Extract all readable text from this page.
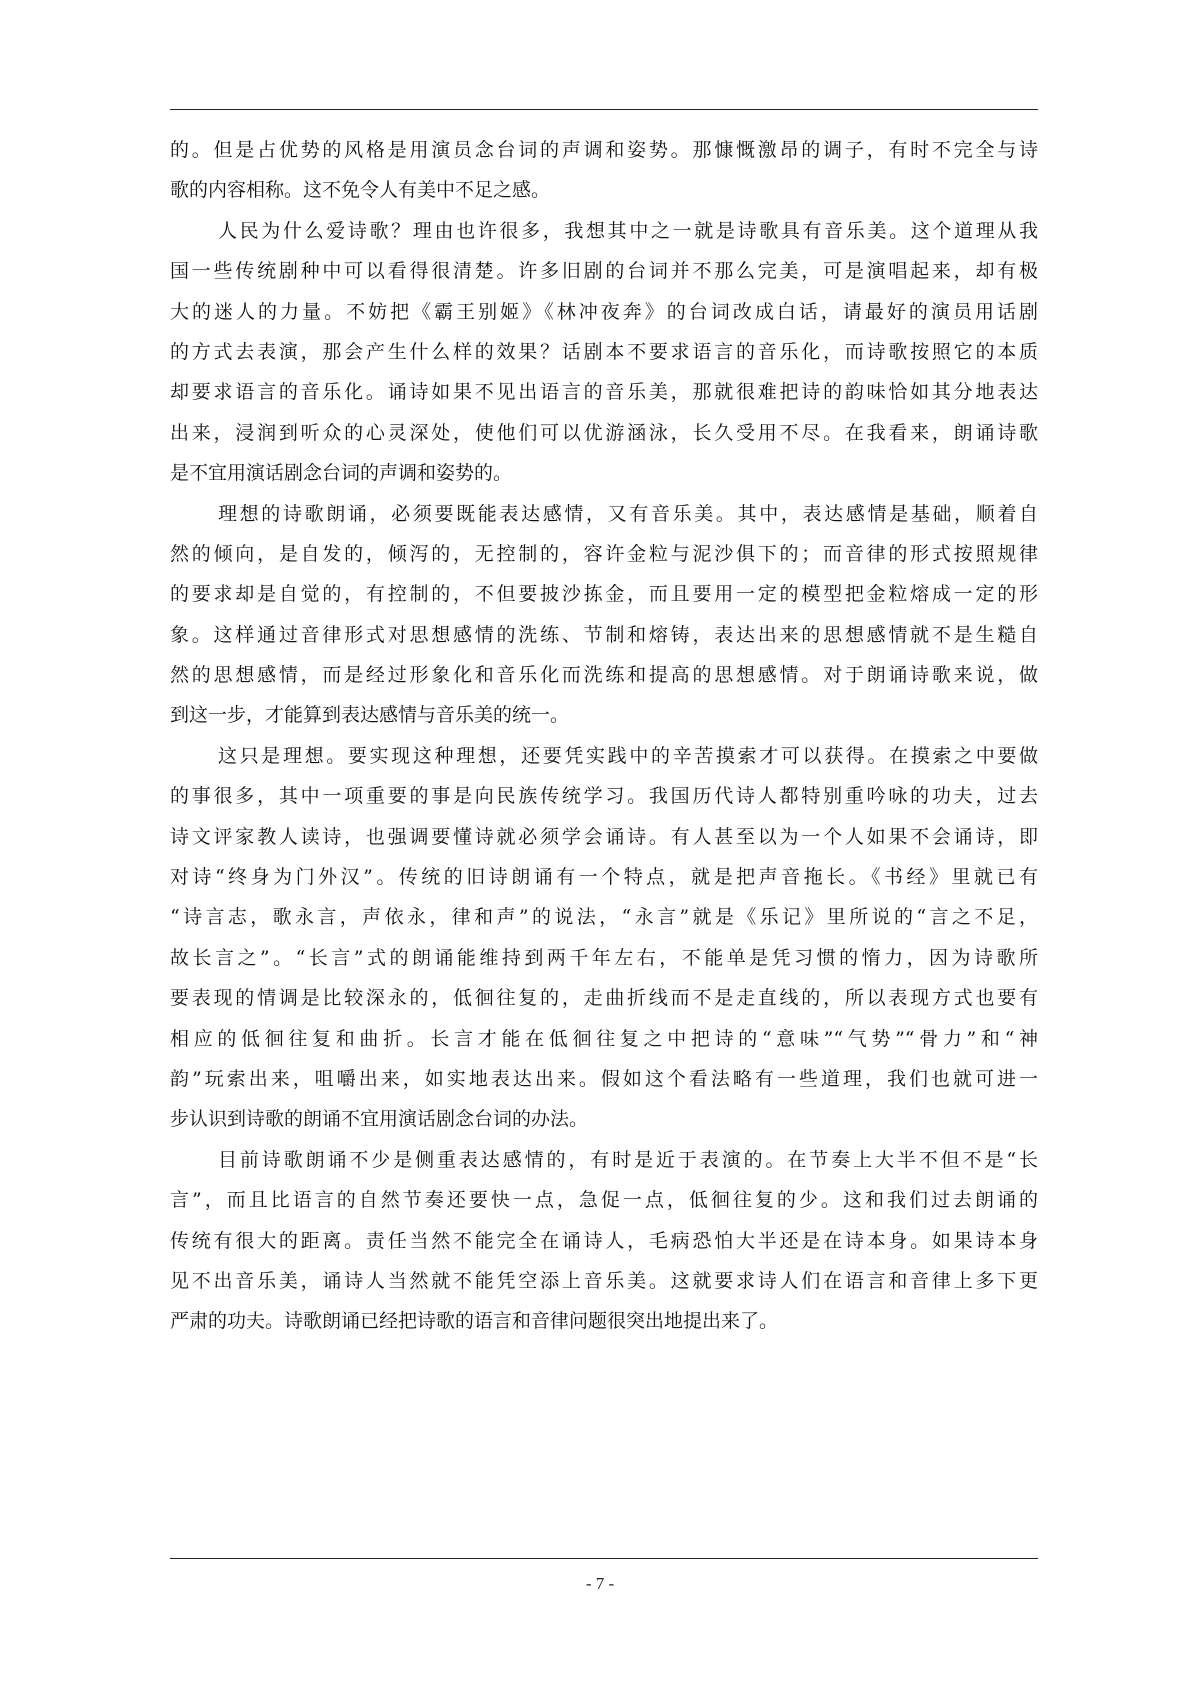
的。但是占优势的风格是用演员念台词的声调和姿势。那慷慨激昂的调子，有时不完全与诗
歌的内容相称。这不免令人有美中不足之感。
人民为什么爱诗歌？理由也许很多，我想其中之一就是诗歌具有音乐美。这个道理从我
国一些传统剧种中可以看得很清楚。许多旧剧的台词并不那么完美，可是演唱起来，却有极
大的迷人的力量。不妨把《霸王别姬》《林冲夜奔》的台词改成白话，请最好的演员用话剧
的方式去表演，那会产生什么样的效果？话剧本不要求语言的音乐化，而诗歌按照它的本质
却要求语言的音乐化。诵诗如果不见出语言的音乐美，那就很难把诗的韵味恰如其分地表达
出来，浸润到听众的心灵深处，使他们可以优游涵泳，长久受用不尽。在我看来，朗诵诗歌
是不宜用演话剧念台词的声调和姿势的。
理想的诗歌朗诵，必须要既能表达感情，又有音乐美。其中，表达感情是基础，顺着自
然的倾向，是自发的，倾泻的，无控制的，容许金粒与泥沙俱下的；而音律的形式按照规律
的要求却是自觉的，有控制的，不但要披沙拣金，而且要用一定的模型把金粒熔成一定的形
象。这样通过音律形式对思想感情的洗练、节制和熔铸，表达出来的思想感情就不是生糙自
然的思想感情，而是经过形象化和音乐化而洗练和提高的思想感情。对于朗诵诗歌来说，做
到这一步，才能算到表达感情与音乐美的统一。
这只是理想。要实现这种理想，还要凭实践中的辛苦摸索才可以获得。在摸索之中要做
的事很多，其中一项重要的事是向民族传统学习。我国历代诗人都特别重吟咏的功夫，过去
诗文评家教人读诗，也强调要懂诗就必须学会诵诗。有人甚至以为一个人如果不会诵诗，即
对诗“终身为门外汉”。传统的旧诗朗诵有一个特点，就是把声音拖长。《书经》里就已有
“诗言志，歌永言，声依永，律和声”的说法，“永言”就是《乐记》里所说的“言之不足，
故长言之”。“长言”式的朗诵能维持到两千年左右，不能单是凭习惯的惰力，因为诗歌所
要表现的情调是比较深永的，低徊往复的，走曲折线而不是走直线的，所以表现方式也要有
相应的低徊往复和曲折。长言才能在低徊往复之中把诗的“意味”“气势”“骨力”和“神
韵”玩索出来，咀嚼出来，如实地表达出来。假如这个看法略有一些道理，我们也就可进一
步认识到诗歌的朗诵不宜用演话剧念台词的办法。
目前诗歌朗诵不少是侧重表达感情的，有时是近于表演的。在节奏上大半不但不是“长
言”，而且比语言的自然节奏还要快一点，急促一点，低徊往复的少。这和我们过去朗诵的
传统有很大的距离。责任当然不能完全在诵诗人，毛病恐怕大半还是在诗本身。如果诗本身
见不出音乐美，诵诗人当然就不能凭空添上音乐美。这就要求诗人们在语言和音律上多下更
严肃的功夫。诗歌朗诵已经把诗歌的语言和音律问题很突出地提出来了。
- 7 -
